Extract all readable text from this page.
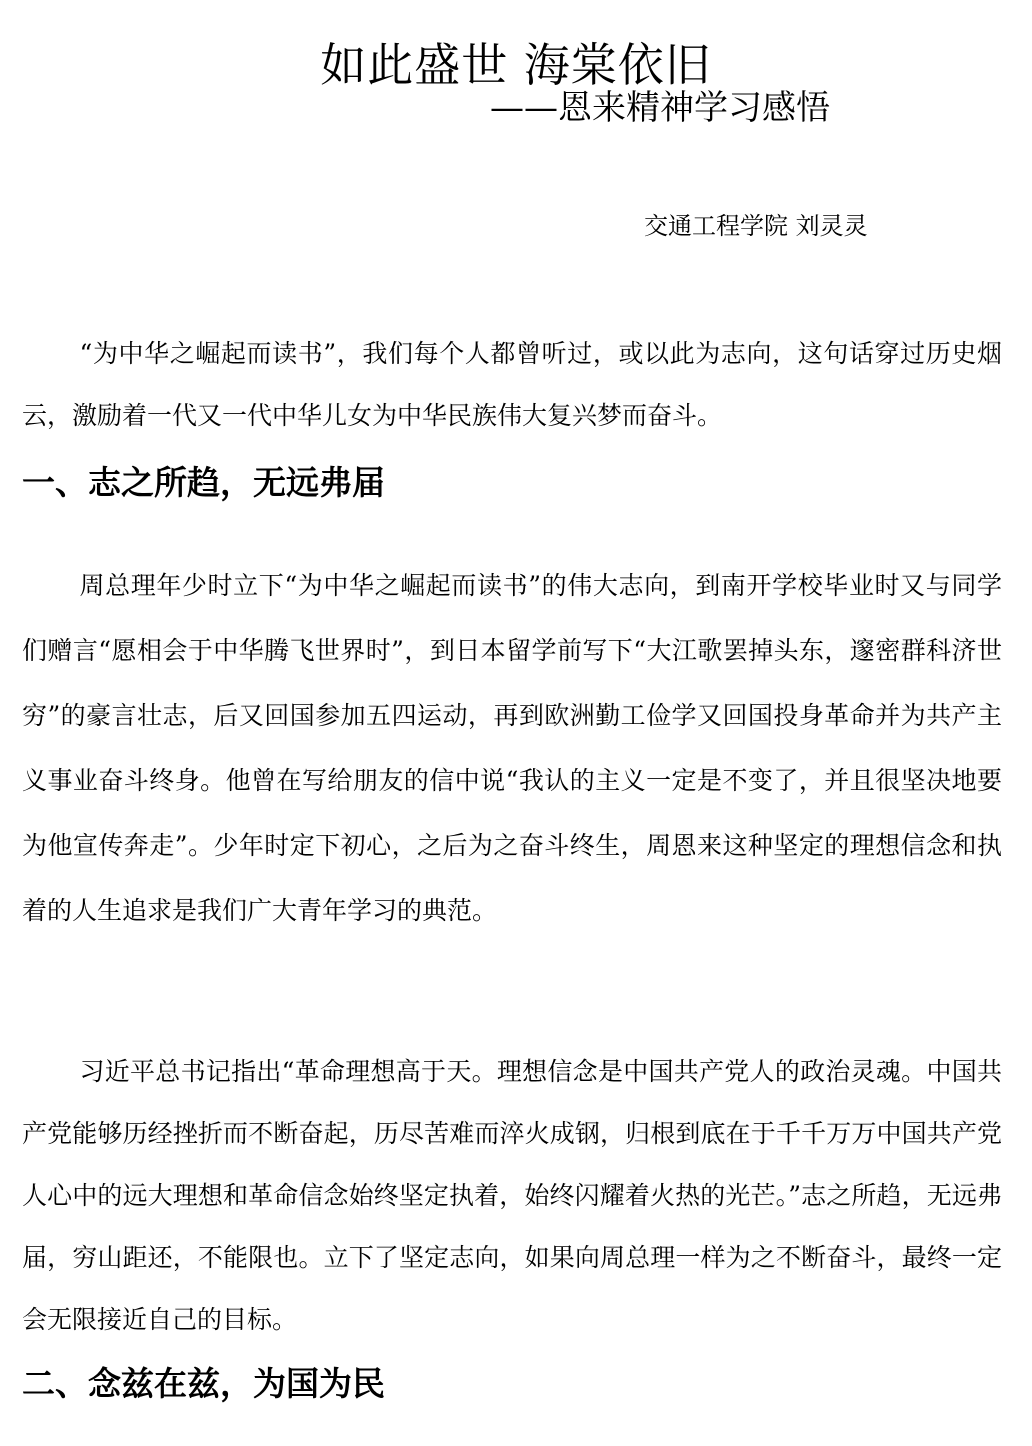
如此盛世 海棠依旧
——恩来精神学习感悟
交通工程学院 刘灵灵

“为中华之崛起而读书”，我们每个人都曾听过，或以此为志向，这句话穿过历史烟云，激励着一代又一代中华儿女为中华民族伟大复兴梦而奋斗。

一、志之所趋，无远弗届

周总理年少时立下“为中华之崛起而读书”的伟大志向，到南开学校毕业时又与同学们赠言“愿相会于中华腾飞世界时”，到日本留学前写下“大江歌罢掉头东，邃密群科济世穷”的豪言壮志，后又回国参加五四运动，再到欧洲勤工俭学又回国投身革命并为共产主义事业奋斗终身。他曾在写给朋友的信中说“我认的主义一定是不变了，并且很坚决地要为他宣传奔走”。少年时定下初心，之后为之奋斗终生，周恩来这种坚定的理想信念和执着的人生追求是我们广大青年学习的典范。

习近平总书记指出“革命理想高于天。理想信念是中国共产党人的政治灵魂。中国共产党能够历经挫折而不断奋起，历尽苦难而淬火成钢，归根到底在于千千万万中国共产党人心中的远大理想和革命信念始终坚定执着，始终闪耀着火热的光芒。”志之所趋，无远弗届，穷山距还，不能限也。立下了坚定志向，如果向周总理一样为之不断奋斗，最终一定会无限接近自己的目标。

二、念兹在兹，为国为民
